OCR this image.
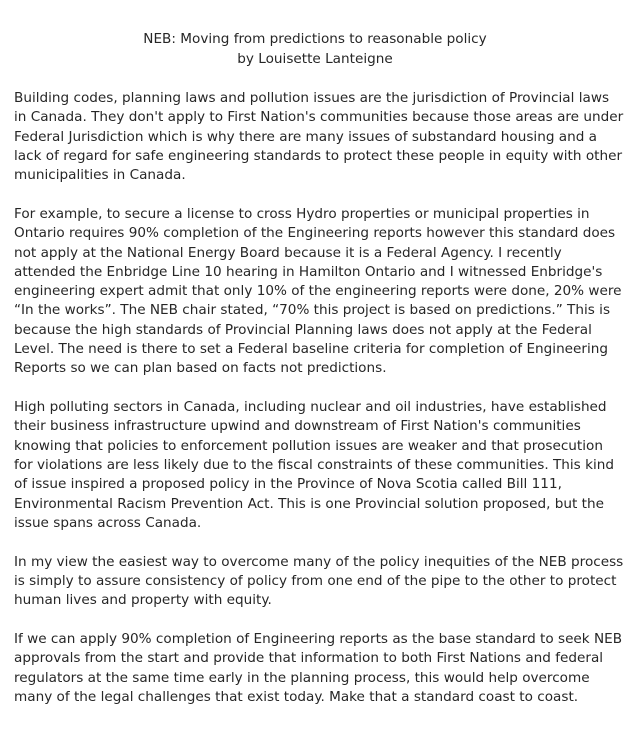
NEB: Moving from predictions to reasonable policy
by Louisette Lanteigne

Building codes, planning laws and pollution issues are the jurisdiction of Provincial laws
in Canada. They don't apply to First Nation's communities because those areas are under
Federal Jurisdiction which is why there are many issues of substandard housing and a
lack of regard for safe engineering standards to protect these people in equity with other
municipalities in Canada.

For example, to secure a license to cross Hydro properties or municipal properties in
Ontario requires 90% completion of the Engineering reports however this standard does
not apply at the National Energy Board because it is a Federal Agency. I recently
attended the Enbridge Line 10 hearing in Hamilton Ontario and I witnessed Enbridge's
engineering expert admit that only 10% of the engineering reports were done, 20% were
“In the works”. The NEB chair stated, “70% this project is based on predictions.” This is
because the high standards of Provincial Planning laws does not apply at the Federal
Level. The need is there to set a Federal baseline criteria for completion of Engineering
Reports so we can plan based on facts not predictions.

High polluting sectors in Canada, including nuclear and oil industries, have established
their business infrastructure upwind and downstream of First Nation's communities
knowing that policies to enforcement pollution issues are weaker and that prosecution
for violations are less likely due to the fiscal constraints of these communities. This kind
of issue inspired a proposed policy in the Province of Nova Scotia called Bill 111,
Environmental Racism Prevention Act. This is one Provincial solution proposed, but the
issue spans across Canada.

In my view the easiest way to overcome many of the policy inequities of the NEB process
is simply to assure consistency of policy from one end of the pipe to the other to protect
human lives and property with equity.

If we can apply 90% completion of Engineering reports as the base standard to seek NEB
approvals from the start and provide that information to both First Nations and federal
regulators at the same time early in the planning process, this would help overcome
many of the legal challenges that exist today. Make that a standard coast to coast.
